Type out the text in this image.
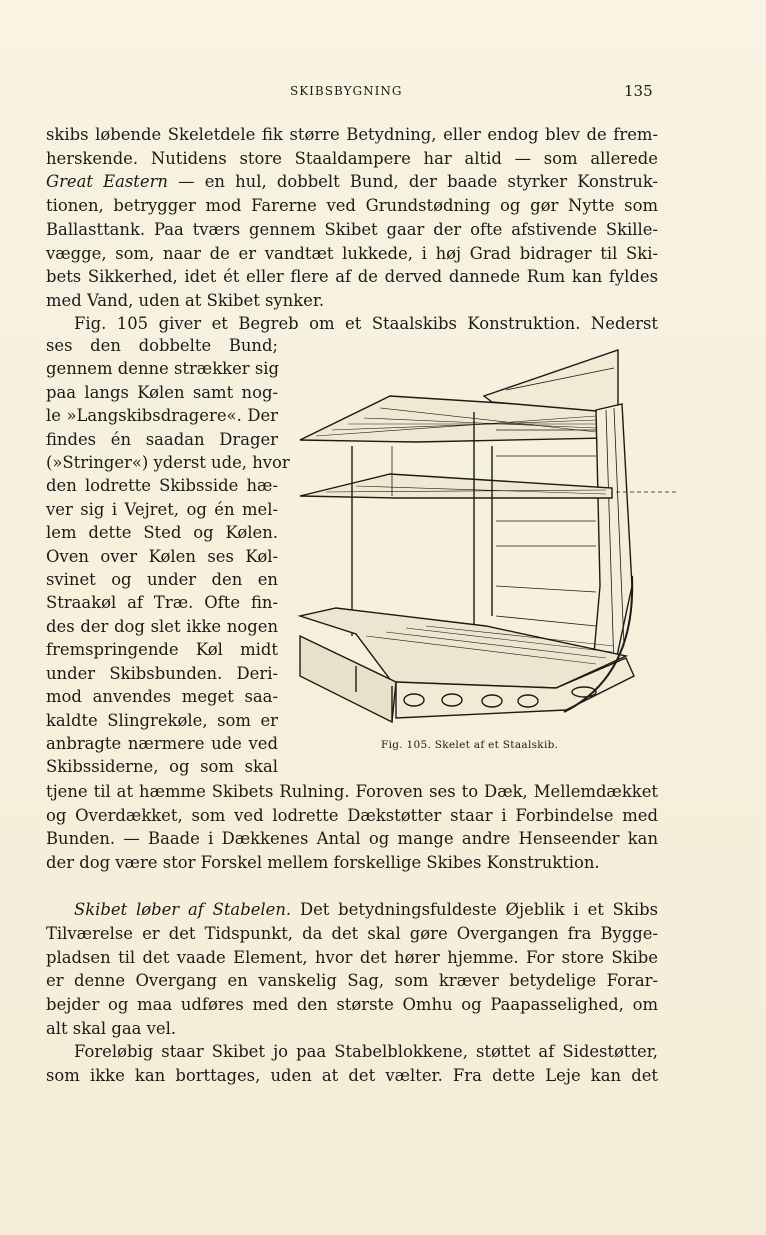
SKIBSBYGNING	135

skibs løbende Skeletdele fik større Betydning, eller endog blev de frem-
herskende. Nutidens store Staaldampere har altid — som allerede
Great Eastern — en hul, dobbelt Bund, der baade styrker Konstruk-
tionen, betrygger mod Farerne ved Grundstødning og gør Nytte som
Ballasttank. Paa tværs gennem Skibet gaar der ofte afstivende Skille-
vægge, som, naar de er vandtæt lukkede, i høj Grad bidrager til Ski-
bets Sikkerhed, idet ét eller flere af de derved dannede Rum kan fyldes
med Vand, uden at Skibet synker.

Fig. 105 giver et Begreb om et Staalskibs Konstruktion. Nederst

ses den dobbelte Bund;
gennem denne strækker sig
paa langs Kølen samt nog-
le »Langskibsdragere«. Der
findes én saadan Drager
(»Stringer«) yderst ude, hvor
den lodrette Skibsside hæ-
ver sig i Vejret, og én mel-
lem dette Sted og Kølen.
Oven over Kølen ses Køl-
svinet og under den en
Straakøl af Træ. Ofte fin-
des der dog slet ikke nogen
fremspringende Køl midt
under Skibsbunden. Deri-
mod anvendes meget saa-
kaldte Slingrekøle, som er
anbragte nærmere ude ved
Skibssiderne, og som skal

Fig. 105. Skelet af et Staalskib.

tjene til at hæmme Skibets Rulning. Foroven ses to Dæk, Mellemdækket
og Overdækket, som ved lodrette Dækstøtter staar i Forbindelse med
Bunden. — Baade i Dækkenes Antal og mange andre Henseender kan
der dog være stor Forskel mellem forskellige Skibes Konstruktion.

Skibet løber af Stabelen. Det betydningsfuldeste Øjeblik i et Skibs

Tilværelse er det Tidspunkt, da det skal gøre Overgangen fra Bygge-
pladsen til det vaade Element, hvor det hører hjemme. For store Skibe
er denne Overgang en vanskelig Sag, som kræver betydelige Forar-
bejder og maa udføres med den største Omhu og Paapasselighed, om
alt skal gaa vel.

Foreløbig staar Skibet jo paa Stabelblokkene, støttet af Sidestøtter,

som ikke kan borttages, uden at det vælter. Fra dette Leje kan det
